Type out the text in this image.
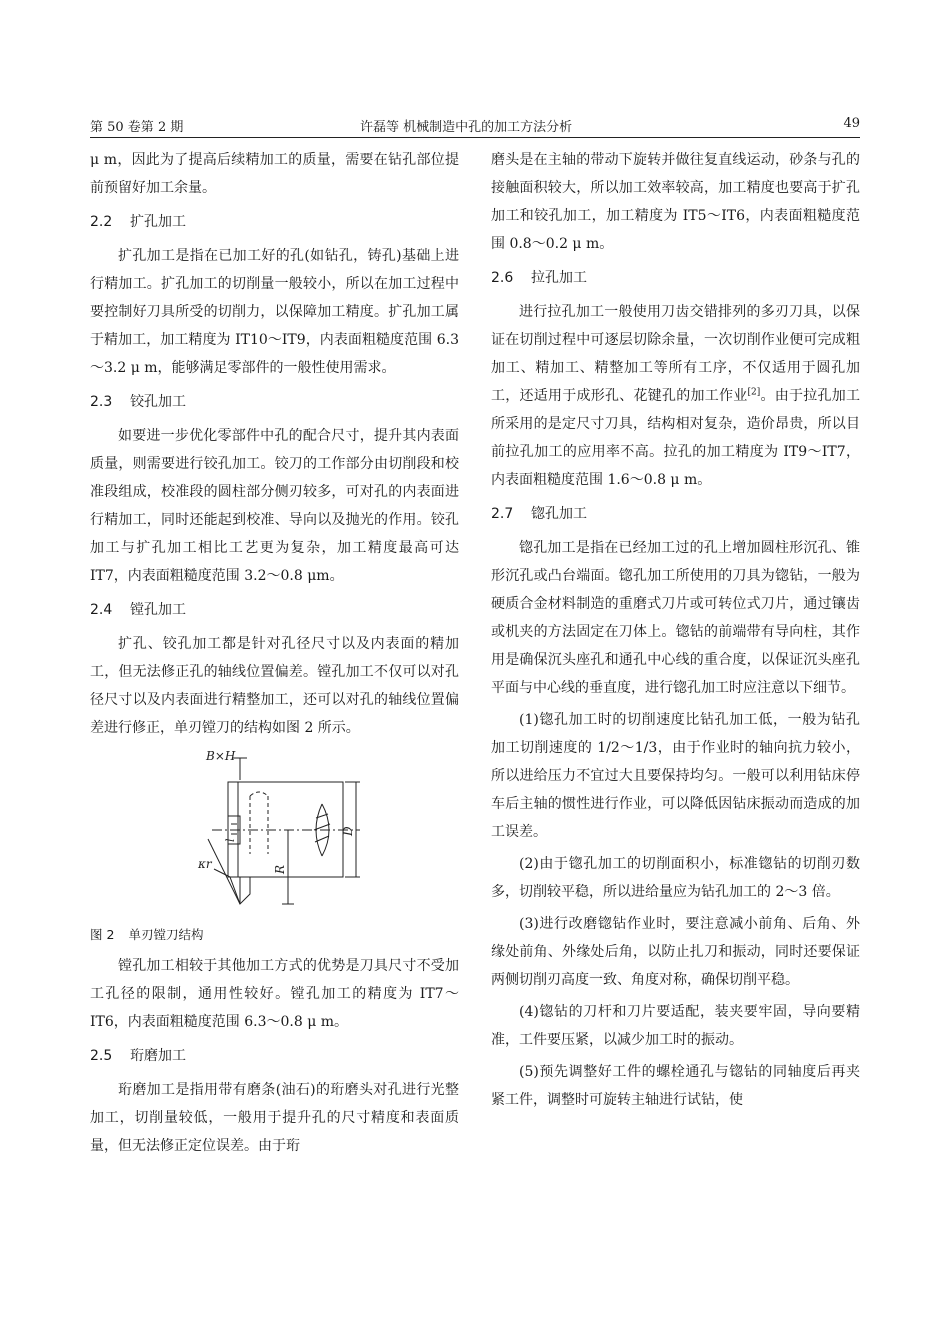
第 50 卷第 2 期	许磊等 机械制造中孔的加工方法分析	49

μ m，因此为了提高后续精加工的质量，需要在钻孔部位提前预留好加工余量。

2.2 扩孔加工

扩孔加工是指在已加工好的孔(如钻孔，铸孔)基础上进行精加工。扩孔加工的切削量一般较小，所以在加工过程中要控制好刀具所受的切削力，以保障加工精度。扩孔加工属于精加工，加工精度为 IT10～IT9，内表面粗糙度范围 6.3～3.2 μ m，能够满足零部件的一般性使用需求。

2.3 铰孔加工

如要进一步优化零部件中孔的配合尺寸，提升其内表面质量，则需要进行铰孔加工。铰刀的工作部分由切削段和校准段组成，校准段的圆柱部分侧刃较多，可对孔的内表面进行精加工，同时还能起到校准、导向以及抛光的作用。铰孔加工与扩孔加工相比工艺更为复杂，加工精度最高可达 IT7，内表面粗糙度范围 3.2～0.8 μm。

2.4 镗孔加工

扩孔、铰孔加工都是针对孔径尺寸以及内表面的精加工，但无法修正孔的轴线位置偏差。镗孔加工不仅可以对孔径尺寸以及内表面进行精整加工，还可以对孔的轴线位置偏差进行修正，单刃镗刀的结构如图 2 所示。

B×H
l
R
D
κr

图 2 单刃镗刀结构

镗孔加工相较于其他加工方式的优势是刀具尺寸不受加工孔径的限制，通用性较好。镗孔加工的精度为 IT7～IT6，内表面粗糙度范围 6.3～0.8 μ m。

2.5 珩磨加工

珩磨加工是指用带有磨条(油石)的珩磨头对孔进行光整加工，切削量较低，一般用于提升孔的尺寸精度和表面质量，但无法修正定位误差。由于珩

磨头是在主轴的带动下旋转并做往复直线运动，砂条与孔的接触面积较大，所以加工效率较高，加工精度也要高于扩孔加工和铰孔加工，加工精度为 IT5～IT6，内表面粗糙度范围 0.8～0.2 μ m。

2.6 拉孔加工

进行拉孔加工一般使用刀齿交错排列的多刃刀具，以保证在切削过程中可逐层切除余量，一次切削作业便可完成粗加工、精加工、精整加工等所有工序，不仅适用于圆孔加工，还适用于成形孔、花键孔的加工作业[2]。由于拉孔加工所采用的是定尺寸刀具，结构相对复杂，造价昂贵，所以目前拉孔加工的应用率不高。拉孔的加工精度为 IT9～IT7，内表面粗糙度范围 1.6～0.8 μ m。

2.7 锪孔加工

锪孔加工是指在已经加工过的孔上增加圆柱形沉孔、锥形沉孔或凸台端面。锪孔加工所使用的刀具为锪钻，一般为硬质合金材料制造的重磨式刀片或可转位式刀片，通过镶齿或机夹的方法固定在刀体上。锪钻的前端带有导向柱，其作用是确保沉头座孔和通孔中心线的重合度，以保证沉头座孔平面与中心线的垂直度，进行锪孔加工时应注意以下细节。

(1)锪孔加工时的切削速度比钻孔加工低，一般为钻孔加工切削速度的 1/2～1/3，由于作业时的轴向抗力较小，所以进给压力不宜过大且要保持均匀。一般可以利用钻床停车后主轴的惯性进行作业，可以降低因钻床振动而造成的加工误差。

(2)由于锪孔加工的切削面积小，标准锪钻的切削刃数多，切削较平稳，所以进给量应为钻孔加工的 2～3 倍。

(3)进行改磨锪钻作业时，要注意减小前角、后角、外缘处前角、外缘处后角，以防止扎刀和振动，同时还要保证两侧切削刃高度一致、角度对称，确保切削平稳。

(4)锪钻的刀杆和刀片要适配，装夹要牢固，导向要精准，工件要压紧，以减少加工时的振动。

(5)预先调整好工件的螺栓通孔与锪钻的同轴度后再夹紧工件，调整时可旋转主轴进行试钻，使
